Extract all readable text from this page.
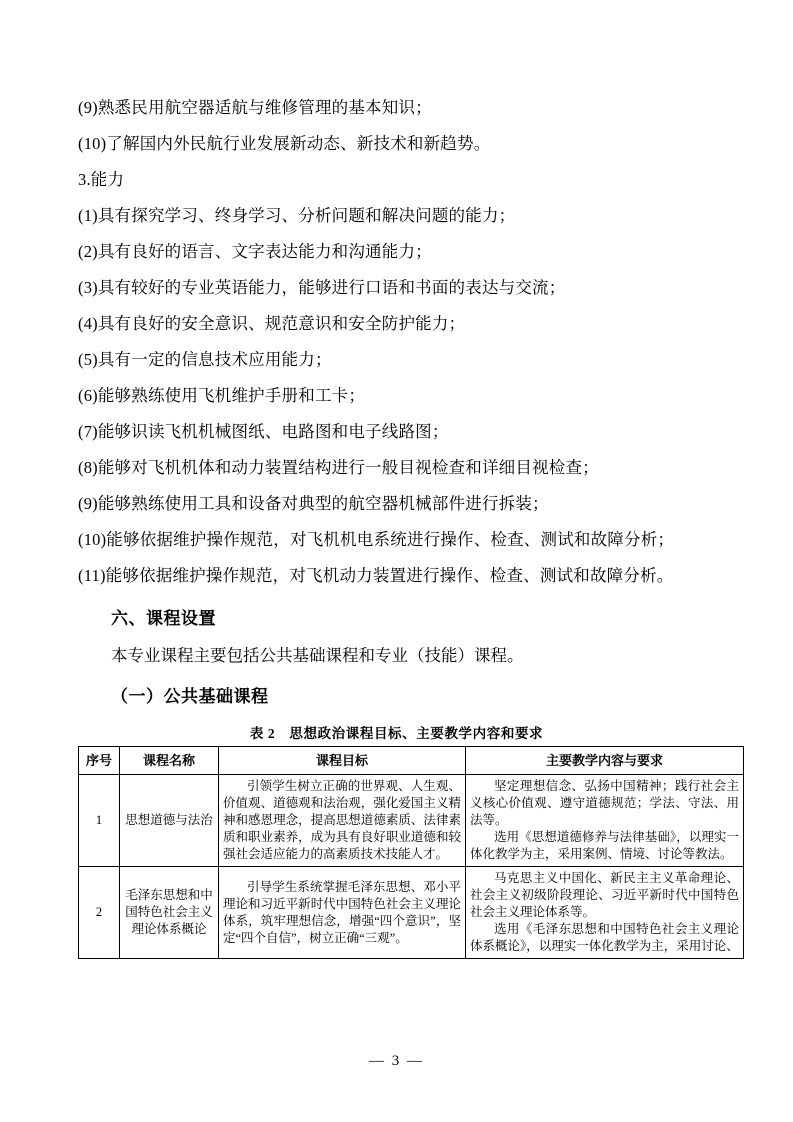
(9)熟悉民用航空器适航与维修管理的基本知识；

(10)了解国内外民航行业发展新动态、新技术和新趋势。

3.能力

(1)具有探究学习、终身学习、分析问题和解决问题的能力；

(2)具有良好的语言、文字表达能力和沟通能力；

(3)具有较好的专业英语能力，能够进行口语和书面的表达与交流；

(4)具有良好的安全意识、规范意识和安全防护能力；

(5)具有一定的信息技术应用能力；

(6)能够熟练使用飞机维护手册和工卡；

(7)能够识读飞机机械图纸、电路图和电子线路图；

(8)能够对飞机机体和动力装置结构进行一般目视检查和详细目视检查；

(9)能够熟练使用工具和设备对典型的航空器机械部件进行拆装；

(10)能够依据维护操作规范，对飞机机电系统进行操作、检查、测试和故障分析；

(11)能够依据维护操作规范，对飞机动力装置进行操作、检查、测试和故障分析。

六、课程设置

本专业课程主要包括公共基础课程和专业（技能）课程。

（一）公共基础课程

表 2　思想政治课程目标、主要教学内容和要求

序号	课程名称	课程目标	主要教学内容与要求
1	思想道德与法治	引领学生树立正确的世界观、人生观、价值观、道德观和法治观，强化爱国主义精神和感恩理念，提高思想道德素质、法律素质和职业素养，成为具有良好职业道德和较强社会适应能力的高素质技术技能人才。	坚定理想信念、弘扬中国精神；践行社会主义核心价值观、遵守道德规范；学法、守法、用法等。

选用《思想道德修养与法律基础》，以理实一体化教学为主，采用案例、情境、讨论等教法。

2	毛泽东思想和中国特色社会主义理论体系概论	引导学生系统掌握毛泽东思想、邓小平理论和习近平新时代中国特色社会主义理论体系，筑牢理想信念，增强“四个意识”，坚定“四个自信”，树立正确“三观”。	马克思主义中国化、新民主主义革命理论、社会主义初级阶段理论、习近平新时代中国特色社会主义理论体系等。

选用《毛泽东思想和中国特色社会主义理论体系概论》，以理实一体化教学为主，采用讨论、

— 3 —
